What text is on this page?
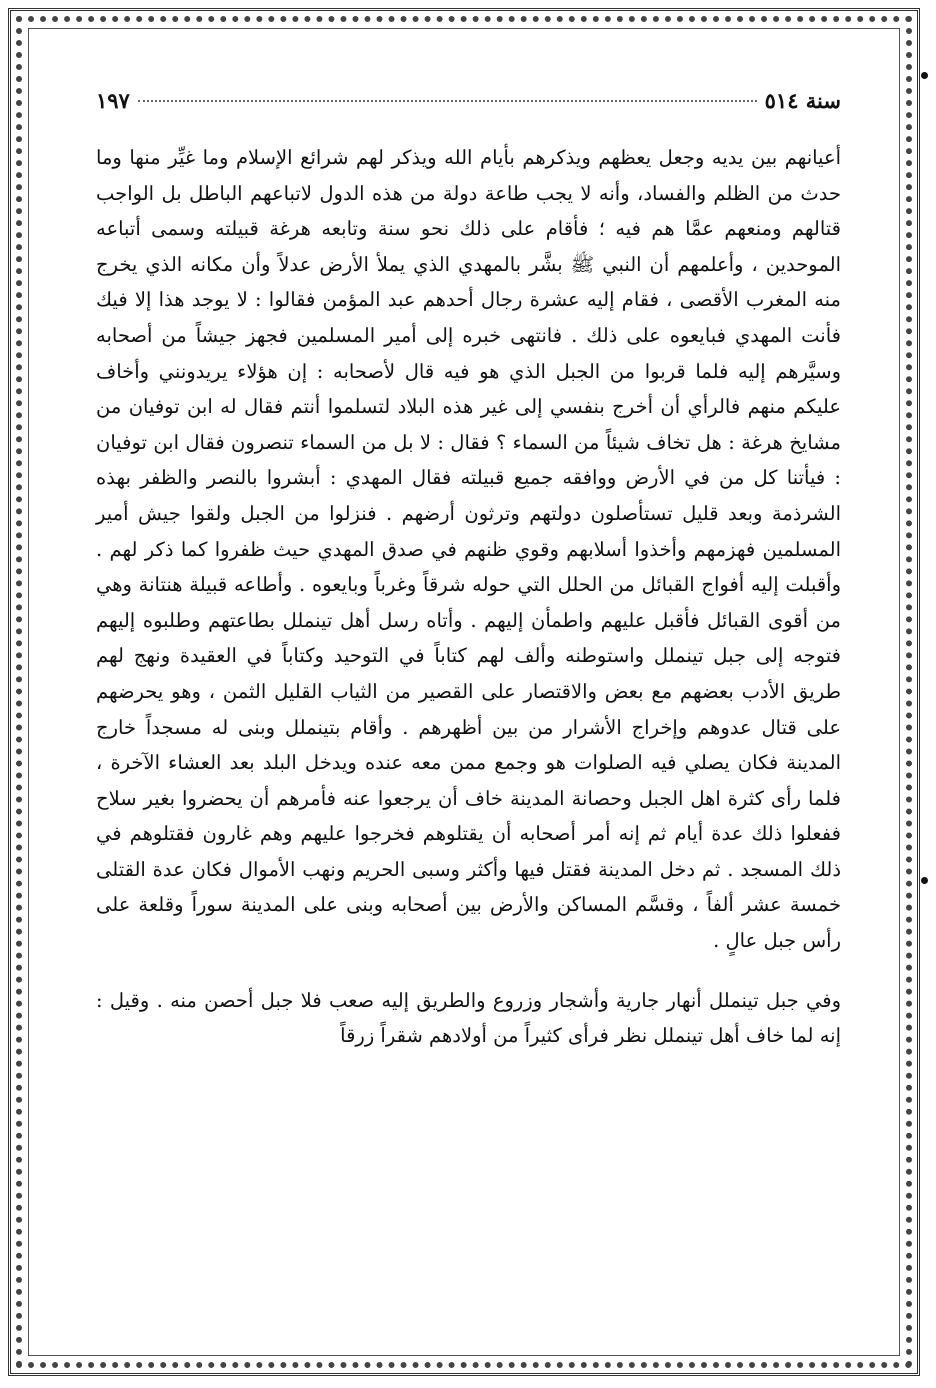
سنة ٥١٤
١٩٧

أعيانهم بين يديه وجعل يعظهم ويذكرهم بأيام الله ويذكر لهم شرائع الإسلام وما غيِّر منها وما حدث من الظلم والفساد، وأنه لا يجب طاعة دولة من هذه الدول لاتباعهم الباطل بل الواجب قتالهم ومنعهم عمَّا هم فيه ؛ فأقام على ذلك نحو سنة وتابعه هرغة قبيلته وسمى أتباعه الموحدين ، وأعلمهم أن النبي ﷺ بشَّر بالمهدي الذي يملأ الأرض عدلاً وأن مكانه الذي يخرج منه المغرب الأقصى ، فقام إليه عشرة رجال أحدهم عبد المؤمن فقالوا : لا يوجد هذا إلا فيك فأنت المهدي فبايعوه على ذلك . فانتهى خبره إلى أمير المسلمين فجهز جيشاً من أصحابه وسيَّرهم إليه فلما قربوا من الجبل الذي هو فيه قال لأصحابه : إن هؤلاء يريدونني وأخاف عليكم منهم فالرأي أن أخرج بنفسي إلى غير هذه البلاد لتسلموا أنتم فقال له ابن توفيان من مشايخ هرغة : هل تخاف شيئاً من السماء ؟ فقال : لا بل من السماء تنصرون فقال ابن توفيان : فيأتنا كل من في الأرض ووافقه جميع قبيلته فقال المهدي : أبشروا بالنصر والظفر بهذه الشرذمة وبعد قليل تستأصلون دولتهم وترثون أرضهم . فنزلوا من الجبل ولقوا جيش أمير المسلمين فهزمهم وأخذوا أسلابهم وقوي ظنهم في صدق المهدي حيث ظفروا كما ذكر لهم . وأقبلت إليه أفواج القبائل من الحلل التي حوله شرقاً وغرباً وبايعوه . وأطاعه قبيلة هنتانة وهي من أقوى القبائل فأقبل عليهم واطمأن إليهم . وأتاه رسل أهل تينملل بطاعتهم وطلبوه إليهم فتوجه إلى جبل تينملل واستوطنه وألف لهم كتاباً في التوحيد وكتاباً في العقيدة ونهج لهم طريق الأدب بعضهم مع بعض والاقتصار على القصير من الثياب القليل الثمن ، وهو يحرضهم على قتال عدوهم وإخراج الأشرار من بين أظهرهم . وأقام بتينملل وبنى له مسجداً خارج المدينة فكان يصلي فيه الصلوات هو وجمع ممن معه عنده ويدخل البلد بعد العشاء الآخرة ، فلما رأى كثرة اهل الجبل وحصانة المدينة خاف أن يرجعوا عنه فأمرهم أن يحضروا بغير سلاح ففعلوا ذلك عدة أيام ثم إنه أمر أصحابه أن يقتلوهم فخرجوا عليهم وهم غارون فقتلوهم في ذلك المسجد . ثم دخل المدينة فقتل فيها وأكثر وسبى الحريم ونهب الأموال فكان عدة القتلى خمسة عشر ألفاً ، وقسَّم المساكن والأرض بين أصحابه وبنى على المدينة سوراً وقلعة على رأس جبل عالٍ .

وفي جبل تينملل أنهار جارية وأشجار وزروع والطريق إليه صعب فلا جبل أحصن منه . وقيل : إنه لما خاف أهل تينملل نظر فرأى كثيراً من أولادهم شقراً زرقاً
